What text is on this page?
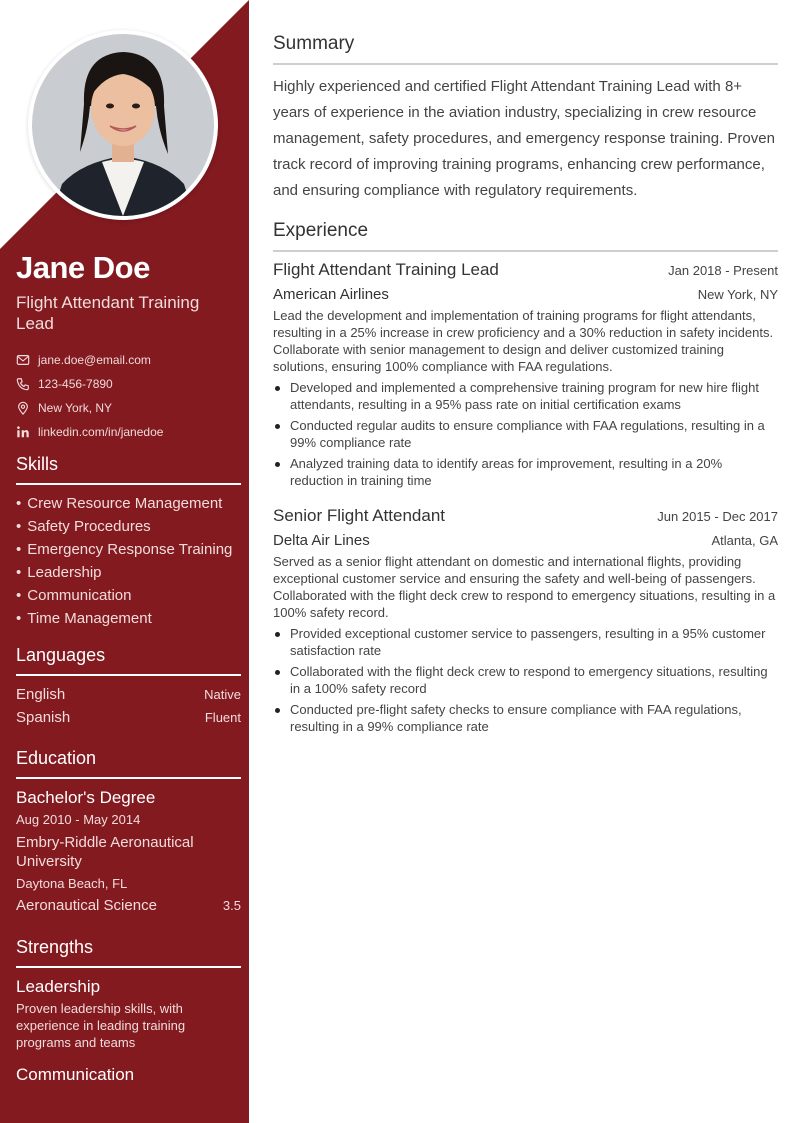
Jane Doe
Flight Attendant Training Lead
jane.doe@email.com
123-456-7890
New York, NY
linkedin.com/in/janedoe
Skills
• Crew Resource Management
• Safety Procedures
• Emergency Response Training
• Leadership
• Communication
• Time Management
Languages
English	Native
Spanish	Fluent
Education
Bachelor's Degree
Aug 2010 - May 2014
Embry-Riddle Aeronautical University
Daytona Beach, FL
Aeronautical Science	3.5
Strengths
Leadership
Proven leadership skills, with experience in leading training programs and teams
Communication
Summary

Highly experienced and certified Flight Attendant Training Lead with 8+ years of experience in the aviation industry, specializing in crew resource management, safety procedures, and emergency response training. Proven track record of improving training programs, enhancing crew performance, and ensuring compliance with regulatory requirements.

Experience
Flight Attendant Training Lead	Jan 2018 - Present
American Airlines	New York, NY

Lead the development and implementation of training programs for flight attendants, resulting in a 25% increase in crew proficiency and a 30% reduction in safety incidents. Collaborate with senior management to design and deliver customized training solutions, ensuring 100% compliance with FAA regulations.

Developed and implemented a comprehensive training program for new hire flight attendants, resulting in a 95% pass rate on initial certification exams
Conducted regular audits to ensure compliance with FAA regulations, resulting in a 99% compliance rate
Analyzed training data to identify areas for improvement, resulting in a 20% reduction in training time
Senior Flight Attendant	Jun 2015 - Dec 2017
Delta Air Lines	Atlanta, GA

Served as a senior flight attendant on domestic and international flights, providing exceptional customer service and ensuring the safety and well-being of passengers. Collaborated with the flight deck crew to respond to emergency situations, resulting in a 100% safety record.

Provided exceptional customer service to passengers, resulting in a 95% customer satisfaction rate
Collaborated with the flight deck crew to respond to emergency situations, resulting in a 100% safety record
Conducted pre-flight safety checks to ensure compliance with FAA regulations, resulting in a 99% compliance rate
